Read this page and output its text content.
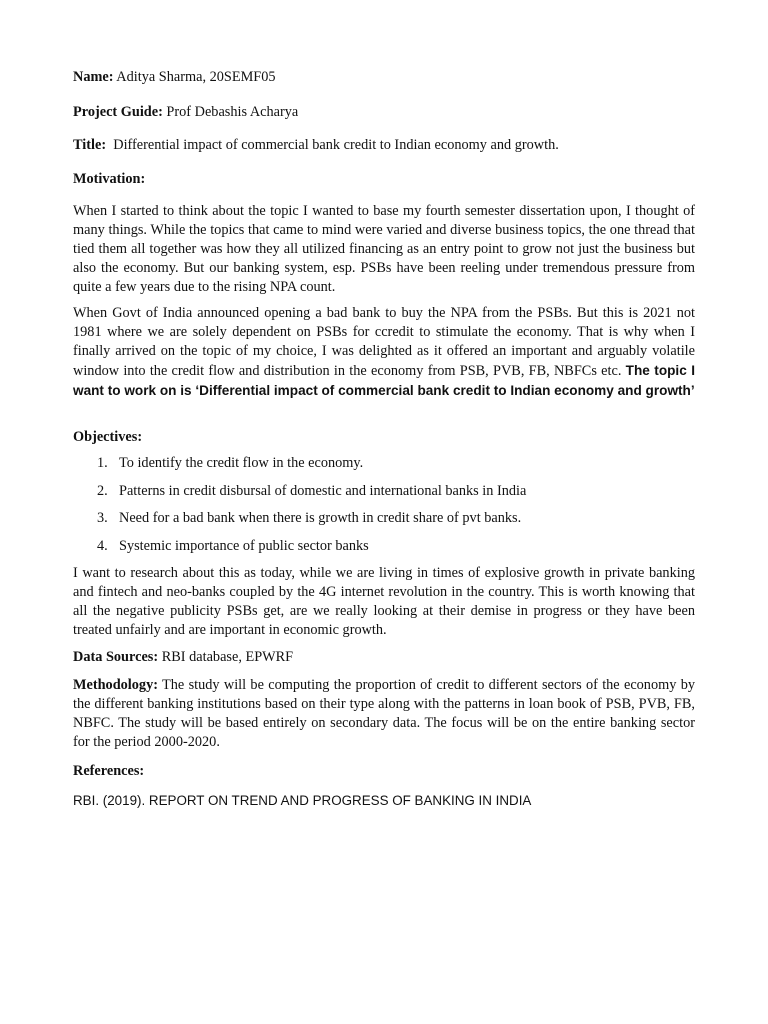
Name: Aditya Sharma, 20SEMF05
Project Guide: Prof Debashis Acharya
Title:  Differential impact of commercial bank credit to Indian economy and growth.
Motivation:
When I started to think about the topic I wanted to base my fourth semester dissertation upon, I thought of many things. While the topics that came to mind were varied and diverse business topics, the one thread that tied them all together was how they all utilized financing as an entry point to grow not just the business but also the economy. But our banking system, esp. PSBs have been reeling under tremendous pressure from quite a few years due to the rising NPA count.
When Govt of India announced opening a bad bank to buy the NPA from the PSBs. But this is 2021 not 1981 where we are solely dependent on PSBs for ccredit to stimulate the economy. That is why when I finally arrived on the topic of my choice, I was delighted as it offered an important and arguably volatile window into the credit flow and distribution in the economy from PSB, PVB, FB, NBFCs etc. The topic I want to work on is ‘Differential impact of commercial bank credit to Indian economy and growth’
Objectives:
1. To identify the credit flow in the economy.
2. Patterns in credit disbursal of domestic and international banks in India
3. Need for a bad bank when there is growth in credit share of pvt banks.
4. Systemic importance of public sector banks
I want to research about this as today, while we are living in times of explosive growth in private banking and fintech and neo-banks coupled by the 4G internet revolution in the country. This is worth knowing that all the negative publicity PSBs get, are we really looking at their demise in progress or they have been treated unfairly and are important in economic growth.
Data Sources: RBI database, EPWRF
Methodology: The study will be computing the proportion of credit to different sectors of the economy by the different banking institutions based on their type along with the patterns in loan book of PSB, PVB, FB, NBFC. The study will be based entirely on secondary data. The focus will be on the entire banking sector for the period 2000-2020.
References:
RBI. (2019). REPORT ON TREND AND PROGRESS OF BANKING IN INDIA
